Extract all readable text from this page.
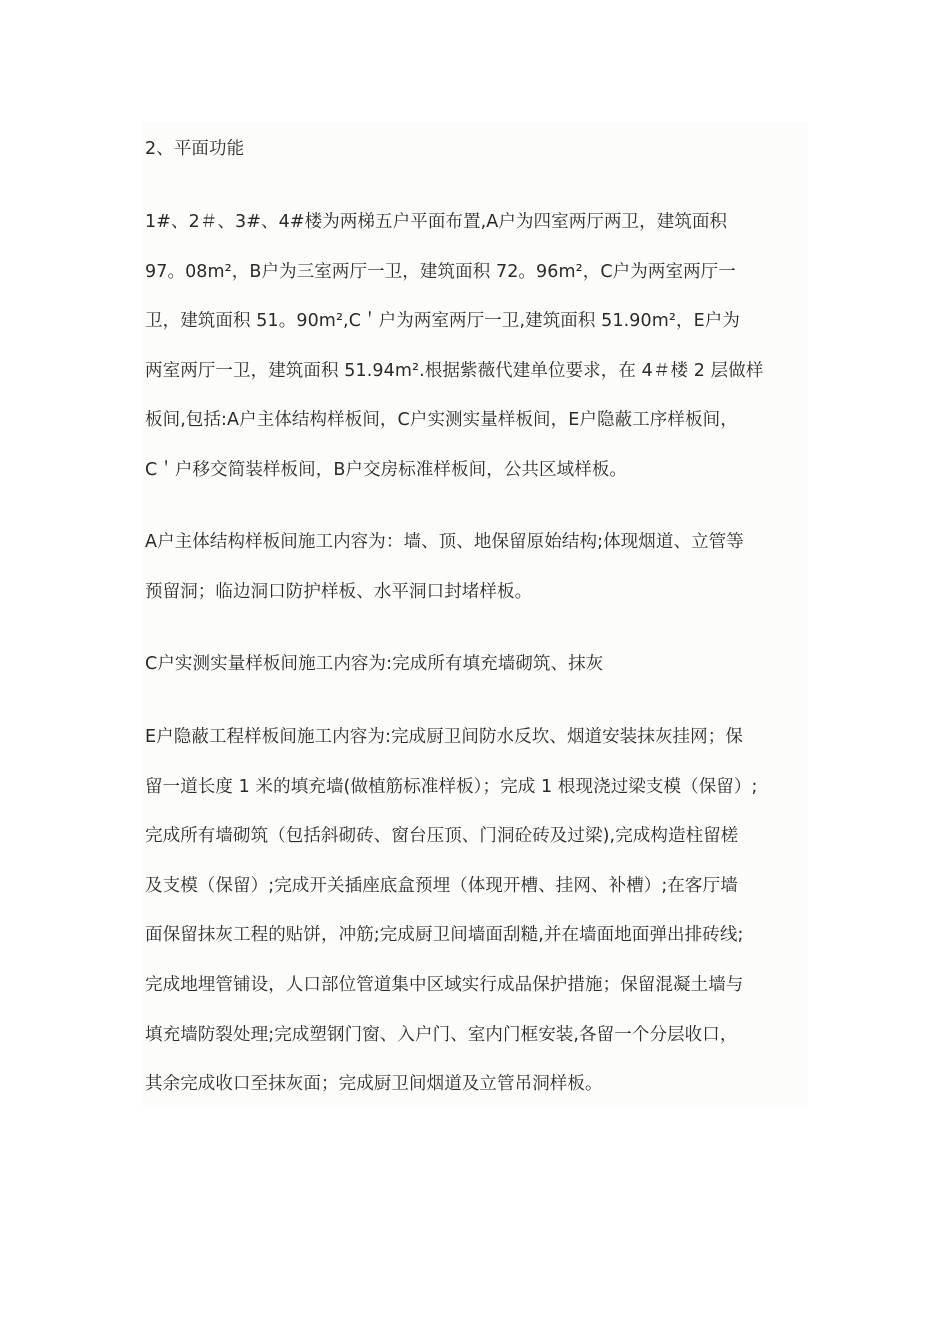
2、平面功能
1#、2＃、3#、4#楼为两梯五户平面布置,A户为四室两厅两卫，建筑面积
97。08m²，B户为三室两厅一卫，建筑面积 72。96m²，C户为两室两厅一
卫，建筑面积 51。90m²,C＇户为两室两厅一卫,建筑面积 51.90m²，E户为
两室两厅一卫，建筑面积 51.94m².根据紫薇代建单位要求，在 4＃楼 2 层做样
板间,包括:A户主体结构样板间，C户实测实量样板间，E户隐蔽工序样板间，
C＇户移交简装样板间，B户交房标准样板间，公共区域样板。
A户主体结构样板间施工内容为：墙、顶、地保留原始结构;体现烟道、立管等
预留洞；临边洞口防护样板、水平洞口封堵样板。
C户实测实量样板间施工内容为:完成所有填充墙砌筑、抹灰
E户隐蔽工程样板间施工内容为:完成厨卫间防水反坎、烟道安装抹灰挂网；保
留一道长度 1 米的填充墙(做植筋标准样板）；完成 1 根现浇过梁支模（保留）;
完成所有墙砌筑（包括斜砌砖、窗台压顶、门洞砼砖及过梁),完成构造柱留槎
及支模（保留）;完成开关插座底盒预埋（体现开槽、挂网、补槽）;在客厅墙
面保留抹灰工程的贴饼，冲筋;完成厨卫间墙面刮糙,并在墙面地面弹出排砖线;
完成地埋管铺设，人口部位管道集中区域实行成品保护措施；保留混凝土墙与
填充墙防裂处理;完成塑钢门窗、入户门、室内门框安装,各留一个分层收口，
其余完成收口至抹灰面；完成厨卫间烟道及立管吊洞样板。
